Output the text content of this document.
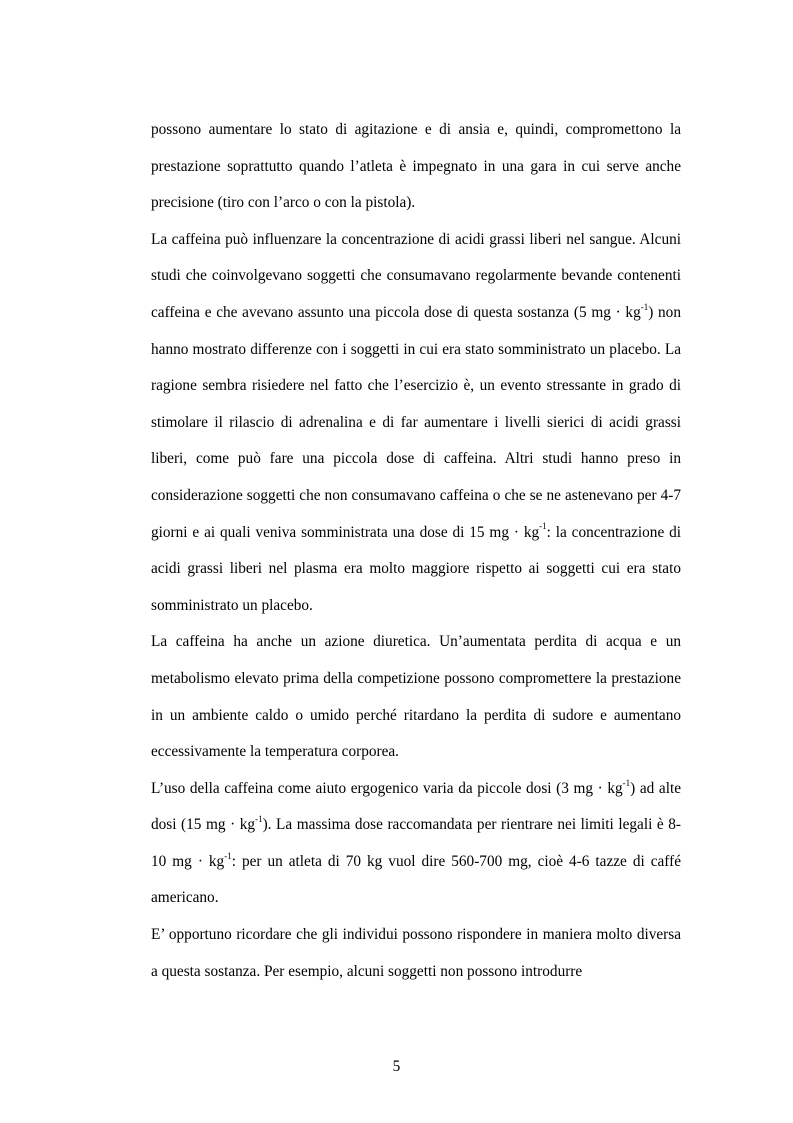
possono aumentare lo stato di agitazione e di ansia e, quindi, compromettono la prestazione soprattutto quando l’atleta è impegnato in una gara in cui serve anche precisione (tiro con l’arco o con la pistola).

La caffeina può influenzare la concentrazione di acidi grassi liberi nel sangue. Alcuni studi che coinvolgevano soggetti che consumavano regolarmente bevande contenenti caffeina e che avevano assunto una piccola dose di questa sostanza (5 mg · $kg^{-1}$) non hanno mostrato differenze con i soggetti in cui era stato somministrato un placebo. La ragione sembra risiedere nel fatto che l’esercizio è, un evento stressante in grado di stimolare il rilascio di adrenalina e di far aumentare i livelli sierici di acidi grassi liberi, come può fare una piccola dose di caffeina. Altri studi hanno preso in considerazione soggetti che non consumavano caffeina o che se ne astenevano per 4-7 giorni e ai quali veniva somministrata una dose di 15 mg · $kg^{-1}$: la concentrazione di acidi grassi liberi nel plasma era molto maggiore rispetto ai soggetti cui era stato somministrato un placebo.

La caffeina ha anche un azione diuretica. Un’aumentata perdita di acqua e un metabolismo elevato prima della competizione possono compromettere la prestazione in un ambiente caldo o umido perché ritardano la perdita di sudore e aumentano eccessivamente la temperatura corporea.

L’uso della caffeina come aiuto ergogenico varia da piccole dosi (3 mg · $kg^{-1}$) ad alte dosi (15 mg · $kg^{-1}$). La massima dose raccomandata per rientrare nei limiti legali è 8-10 mg · $kg^{-1}$: per un atleta di 70 kg vuol dire 560-700 mg, cioè 4-6 tazze di caffé americano.

E’ opportuno ricordare che gli individui possono rispondere in maniera molto diversa a questa sostanza. Per esempio, alcuni soggetti non possono introdurre

5
